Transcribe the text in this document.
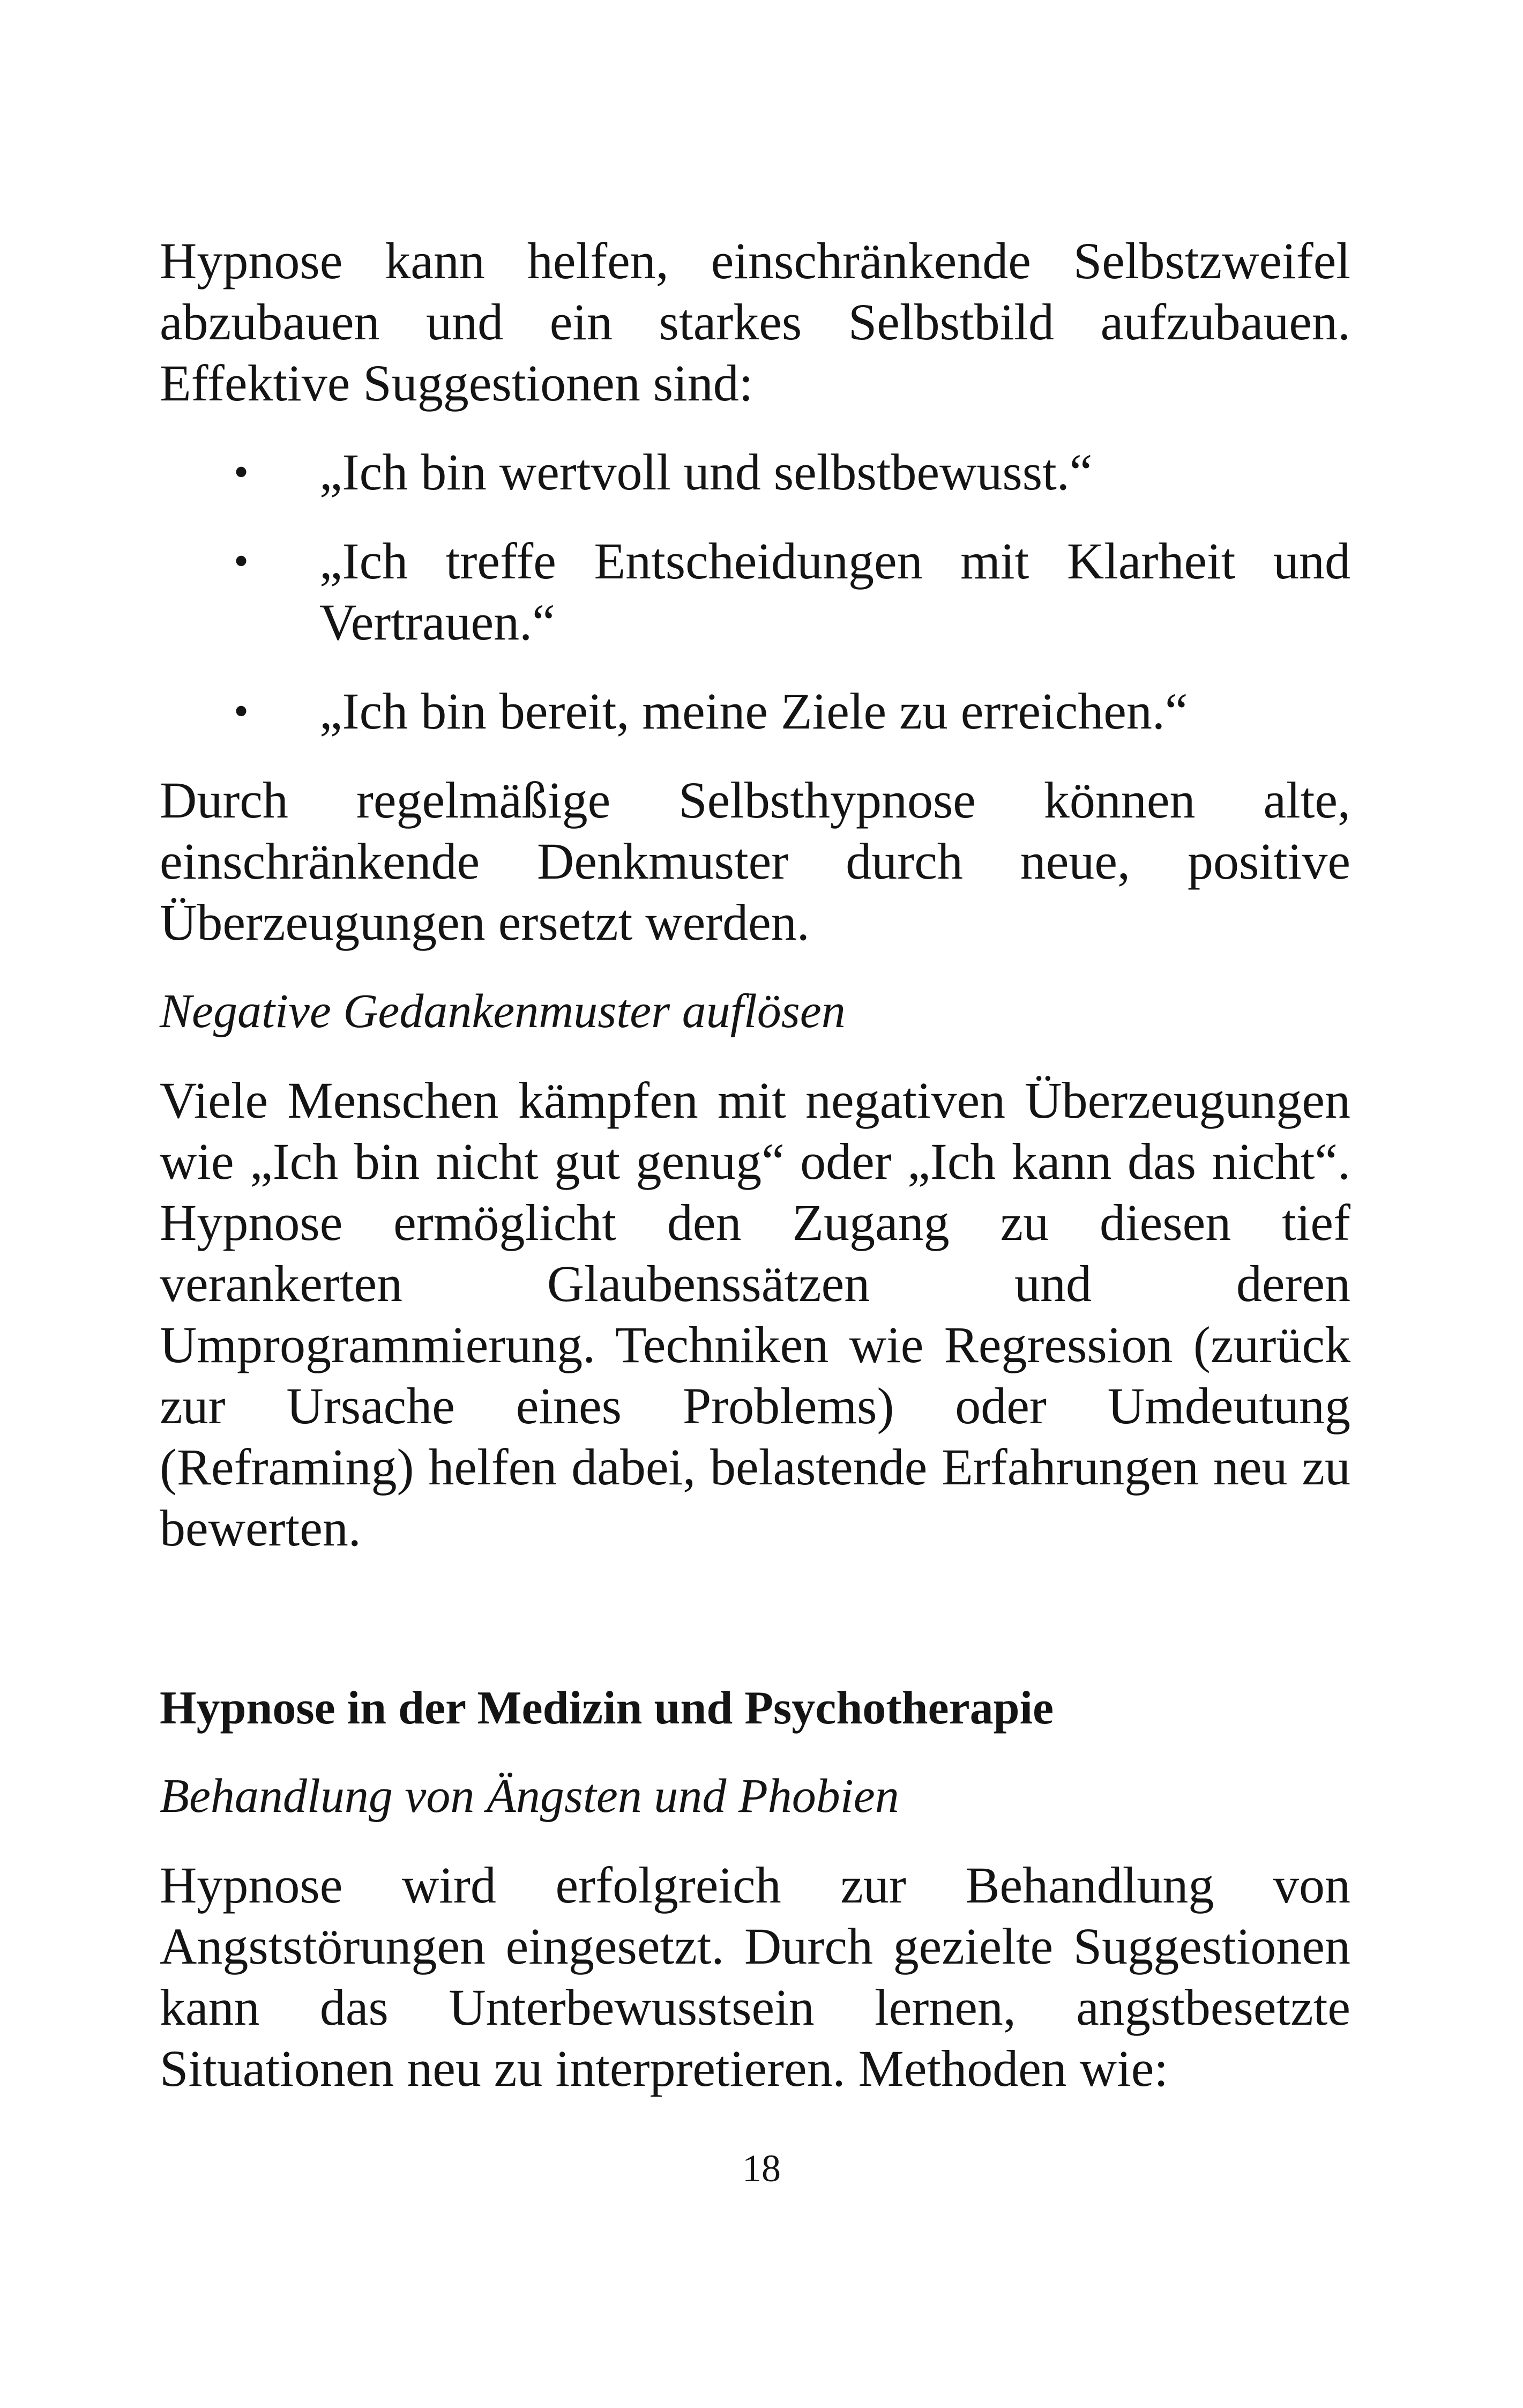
Hypnose kann helfen, einschränkende Selbstzweifel abzubauen und ein starkes Selbstbild aufzubauen. Effektive Suggestionen sind:

•	„Ich bin wertvoll und selbstbewusst.“
•	„Ich treffe Entscheidungen mit Klarheit und Vertrauen.“
•	„Ich bin bereit, meine Ziele zu erreichen.“

Durch regelmäßige Selbsthypnose können alte, einschränkende Denkmuster durch neue, positive Überzeugungen ersetzt werden.

Negative Gedankenmuster auflösen

Viele Menschen kämpfen mit negativen Überzeugungen wie „Ich bin nicht gut genug“ oder „Ich kann das nicht“. Hypnose ermöglicht den Zugang zu diesen tief verankerten Glaubenssätzen und deren Umprogrammierung. Techniken wie Regression (zurück zur Ursache eines Problems) oder Umdeutung (Reframing) helfen dabei, belastende Erfahrungen neu zu bewerten.

Hypnose in der Medizin und Psychotherapie

Behandlung von Ängsten und Phobien

Hypnose wird erfolgreich zur Behandlung von Angststörungen eingesetzt. Durch gezielte Suggestionen kann das Unterbewusstsein lernen, angstbesetzte Situationen neu zu interpretieren. Methoden wie:

18
